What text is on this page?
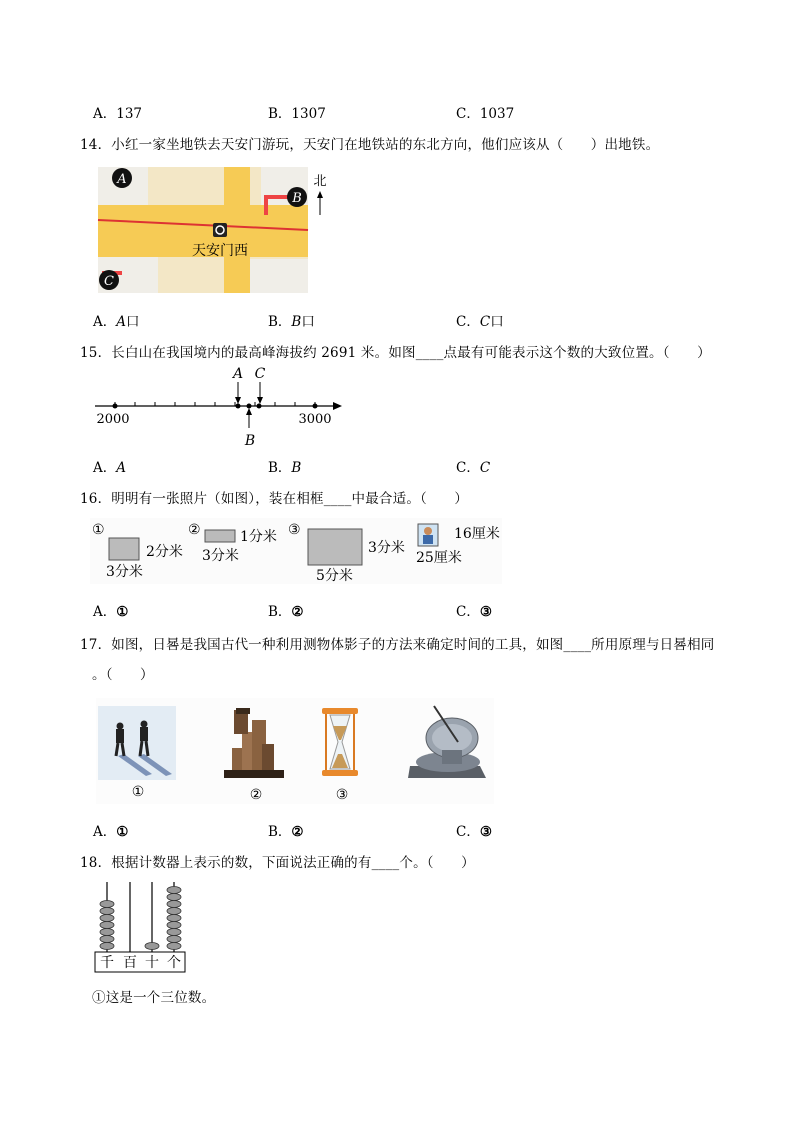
A．137	B．1307	C．1037
14．小红一家坐地铁去天安门游玩，天安门在地铁站的东北方向，他们应该从（　　）出地铁。
天安门西
A
B
C
北
A．A口	B．B口	C．C口
15．长白山在我国境内的最高峰海拔约 2691 米。如图____点最有可能表示这个数的大致位置。（　　）
2000	3000
A C
B
A．A	B．B	C．C
16．明明有一张照片（如图），装在相框____中最合适。（　　）
①
2分米
3分米
②	1分米
3分米
③
3分米
5分米
16厘米
25厘米
A．①	B．②	C．③
17．如图，日晷是我国古代一种利用测物体影子的方法来确定时间的工具，如图____所用原理与日晷相同
。（　　）
①	②	③
A．①	B．②	C．③
18．根据计数器上表示的数，下面说法正确的有____个。（　　）
千 百 十 个
①这是一个三位数。
